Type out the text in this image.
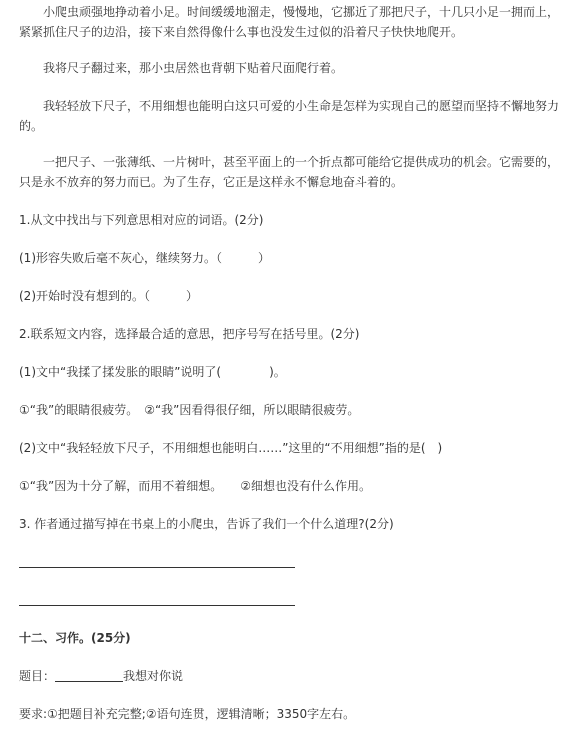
小爬虫顽强地挣动着小足。时间缓缓地溜走，慢慢地，它挪近了那把尺子，十几只小足一拥而上，紧紧抓住尺子的边沿，接下来自然得像什么事也没发生过似的沿着尺子快快地爬开。

我将尺子翻过来，那小虫居然也背朝下贴着尺面爬行着。

我轻轻放下尺子，不用细想也能明白这只可爱的小生命是怎样为实现自己的愿望而坚持不懈地努力的。

一把尺子、一张薄纸、一片树叶，甚至平面上的一个折点都可能给它提供成功的机会。它需要的，只是永不放弃的努力而已。为了生存，它正是这样永不懈怠地奋斗着的。

1.从文中找出与下列意思相对应的词语。(2分)

(1)形容失败后毫不灰心，继续努力。（　　　）

(2)开始时没有想到的。（　　　）

2.联系短文内容，选择最合适的意思，把序号写在括号里。(2分)

(1)文中“我揉了揉发胀的眼睛”说明了(　　　　)。

①“我”的眼睛很疲劳。　②“我”因看得很仔细，所以眼睛很疲劳。

(2)文中“我轻轻放下尺子，不用细想也能明白……”这里的“不用细想”指的是(　)

①“我”因为十分了解，而用不着细想。　　②细想也没有什么作用。

3. 作者通过描写掉在书桌上的小爬虫，告诉了我们一个什么道理?(2分)

十二、习作。(25分)

题目：	我想对你说

要求:①把题目补充完整;②语句连贯，逻辑清晰；3350字左右。
